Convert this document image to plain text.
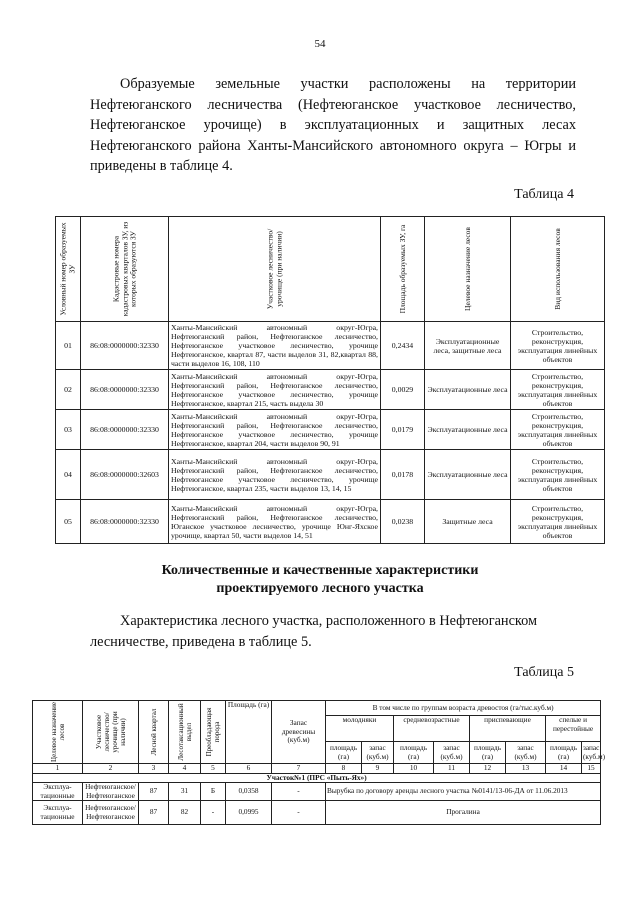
54

Образуемые земельные участки расположены на территории Нефтеюганского лесничества (Нефтеюганское участковое лесничество, Нефтеюганское урочище) в эксплуатационных и защитных лесах Нефтеюганского района Ханты-Мансийского автономного округа – Югры и приведены в таблице 4.

Таблица 4
Условный номер образуемых ЗУ	Кадастровые номера кадастровых кварталов ЗУ, из которых образуются ЗУ	Участковое лесничество/урочище (при наличии)	Площадь образуемых ЗУ, га	Целевое назначение лесов	Вид использования лесов

01	86:08:0000000:32330	Ханты-Мансийский автономный округ-Югра, Нефтеюганский район, Нефтеюганское лесничество, Нефтеюганское участковое лесничество, урочище Нефтеюганское, квартал 87, части выделов 31, 82,квартал 88, части выделов 16, 108, 110	0,2434	Эксплуатационные леса, защитные леса	Строительство, реконструкция, эксплуатация линейных объектов
02	86:08:0000000:32330	Ханты-Мансийский автономный округ-Югра, Нефтеюганский район, Нефтеюганское лесничество, Нефтеюганское участковое лесничество, урочище Нефтеюганское, квартал 215, часть выдела 30	0,0029	Эксплуатационные леса	Строительство, реконструкция, эксплуатация линейных объектов
03	86:08:0000000:32330	Ханты-Мансийский автономный округ-Югра, Нефтеюганский район, Нефтеюганское лесничество, Нефтеюганское участковое лесничество, урочище Нефтеюганское, квартал 204, части выделов 90, 91	0,0179	Эксплуатационные леса	Строительство, реконструкция, эксплуатация линейных объектов
04	86:08:0000000:32603	Ханты-Мансийский автономный округ-Югра, Нефтеюганский район, Нефтеюганское лесничество, Нефтеюганское участковое лесничество, урочище Нефтеюганское, квартал 235, части выделов 13, 14, 15	0,0178	Эксплуатационные леса	Строительство, реконструкция, эксплуатация линейных объектов
05	86:08:0000000:32330	Ханты-Мансийский автономный округ-Югра, Нефтеюганский район, Нефтеюганское лесничество, Юганское участковое лесничество, урочище Юнг-Яхское урочище, квартал 50, части выделов 14, 51	0,0238	Защитные леса	Строительство, реконструкция, эксплуатация линейных объектов
Количественные и качественные характеристики
проектируемого лесного участка

Характеристика лесного участка, расположенного в Нефтеюганском лесничестве, приведена в таблице 5.

Таблица 5
Целевое назначение лесов	Участковое лесничество/ урочище (при наличии)	Лесной квартал	Лесотаксационный выдел	Преобладающая порода	Площадь (га)	Запас древесины (куб.м)	В том числе по группам возраста древостоя (га/тыс.куб.м)							
							молодняки		средневозрастные		приспевающие		спелые и перестойные	
							площадь (га)	запас (куб.м)	площадь (га)	запас (куб.м)	площадь (га)	запас (куб.м)	площадь (га)	запас (куб.м)
1	2	3	4	5	6	7	8	9	10	11	12	13	14	15
Участок№1 (ПРС «Пыть-Ях»)														
Эксплуа-тационные	Нефтеюганское/ Нефтеюганское	87	31	Б	0,0358	-	Вырубка по договору аренды лесного участка №0141/13-06-ДА от 11.06.2013							
Эксплуа-тационные	Нефтеюганское/ Нефтеюганское	87	82	-	0,0995	-	Прогалина							
